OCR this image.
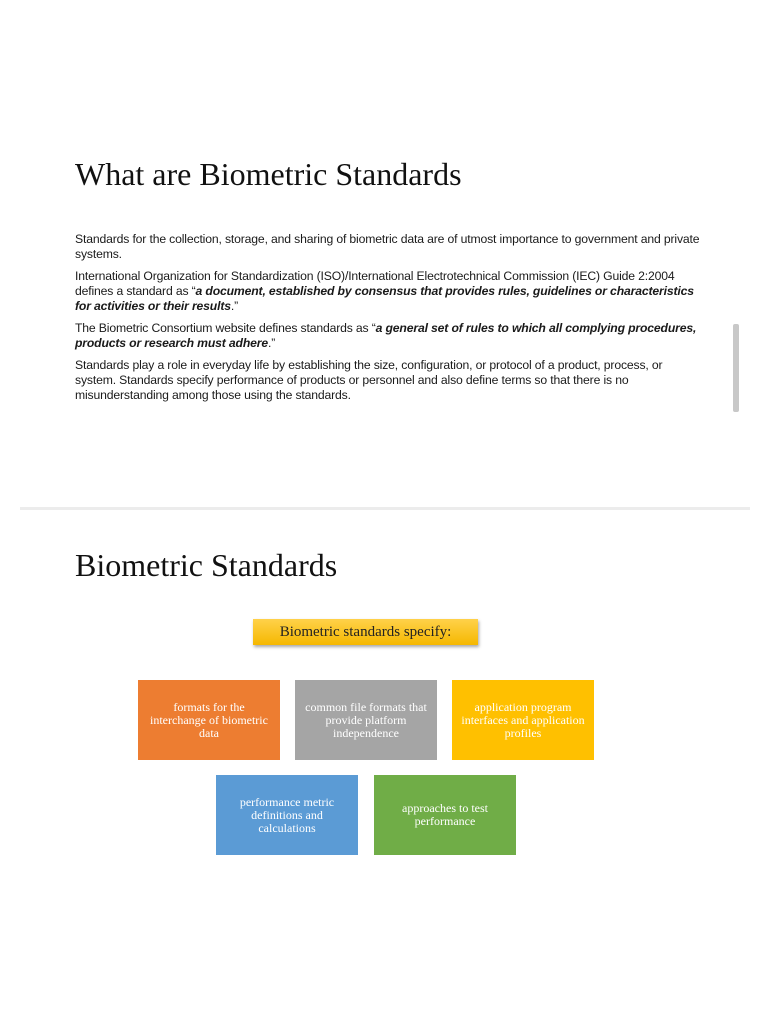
What are Biometric Standards

Standards for the collection, storage, and sharing of biometric data are of utmost importance to government and private systems.

International Organization for Standardization (ISO)/International Electrotechnical Commission (IEC) Guide 2:2004 defines a standard as “a document, established by consensus that provides rules, guidelines or characteristics for activities or their results.”

The Biometric Consortium website defines standards as “a general set of rules to which all complying procedures, products or research must adhere.”

Standards play a role in everyday life by establishing the size, configuration, or protocol of a product, process, or system. Standards specify performance of products or personnel and also define terms so that there is no misunderstanding among those using the standards.

Biometric Standards
Biometric standards specify:
formats for the interchange of biometric data
common file formats that provide platform independence
application program interfaces and application profiles
performance metric definitions and calculations
approaches to test performance
